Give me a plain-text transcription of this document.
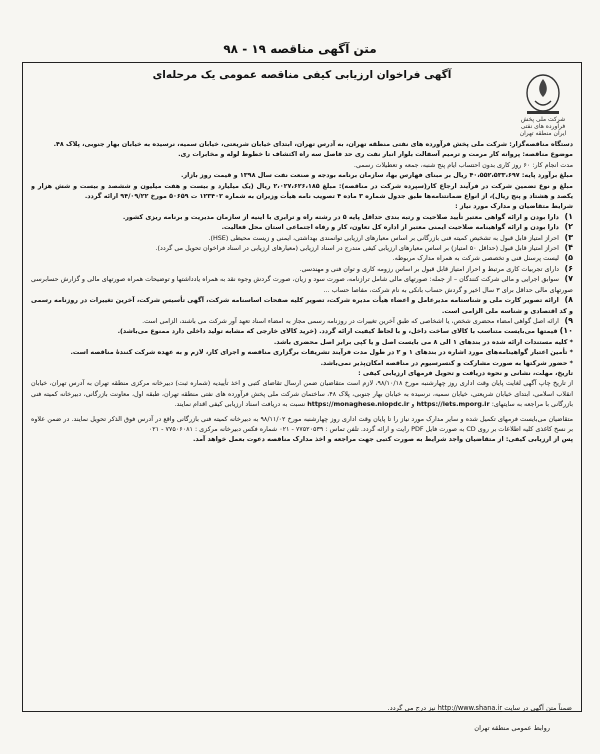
متن آگهی مناقصه ۱۹ - ۹۸
آگهی فراخوان ارزیابی کیفی مناقصه عمومی یک مرحله‌ای
شرکت ملی پخش فرآورده های نفتی ایران منطقه تهران

دستگاه مناقصه‌گزار: شرکت ملی پخش فرآورده های نفتی منطقه تهران، به آدرس تهران، ابتدای خیابان شریعتی، خیابان سمیه، نرسیده به خیابان بهار جنوبی، پلاک ۴۸.

موضوع مناقصه: پروانه کار مرمت و ترمیم آسفالت بلوار انبار نفت ری حد فاصل سه راه اکتشاف تا خطوط لوله و مخابرات ری.

مدت انجام کار: ۶۰ روز کاری بدون احتساب ایام پنج شنبه، جمعه و تعطیلات رسمی.

مبلغ برآورد پایه: ۴۰،۵۵۲،۵۳۳،۶۹۷ ریال بر مبنای فهارس بها، سازمان برنامه بودجه و صنعت نفت سال ۱۳۹۸ و قیمت روز بازار.

مبلغ و نوع تضمین شرکت در فرآیند ارجاع کار(سپرده شرکت در مناقصه): مبلغ ۲،۰۲۷،۶۲۶،۱۸۵ ریال (یک میلیارد و بیست و هفت میلیون و ششصد و بیست و شش هزار و یکصد و هشتاد و پنج ریال)، از انواع ضمانتنامه‌ها طبق جدول شماره ۳ ماده ۴ تصویب نامه هیأت وزیران به شماره ۱۲۳۴۰۲ ت ۵۰۶۵۹ مورخ ۹۴/۰۹/۲۲ ارائه گردد.

شرایط متقاضیان و مدارک مورد نیاز :

۱) دارا بودن و ارائه گواهی معتبر تأیید صلاحیت و رتبه بندی حداقل پایه ۵ در رشته راه و ترابری با اینیه از سازمان مدیریت و برنامه ریزی کشور.

۲) دارا بودن و ارائه گواهینامه صلاحیت ایمنی معتبر از اداره کل تعاون، کار و رفاه اجتماعی استان محل فعالیت.

۳) احراز امتیاز قابل قبول به تشخیص کمیته فنی بازرگانی بر اساس معیارهای ارزیابی توانمندی بهداشتی، ایمنی و زیست محیطی (HSE).

۴) احراز امتیاز قابل قبول (حداقل ۵۰ امتیاز) بر اساس معیارهای ارزیابی کیفی مندرج در اسناد ارزیابی (معیارهای ارزیابی در اسناد فراخوان تحویل می گردد).

۵) لیست پرسنل فنی و تخصصی شرکت به همراه مدارک مربوطه.

۶) دارای تجربیات کاری مرتبط و احراز امتیاز قابل قبول بر اساس رزومه کاری و توان فنی و مهندسی.

۷) سوابق اجرایی و مالی شرکت کنندگان – از جمله: صورتهای مالی شامل ترازنامه، صورت سود و زیان، صورت گردش وجوه نقد به همراه یادداشتها و توضیحات همراه صورتهای مالی و گزارش حسابرسی صورتهای مالی حداقل برای ۳ سال اخیر و گردش حساب بانکی به نام شرکت، مفاصا حساب ...

۸) ارائه تصویر کارت ملی و شناسنامه مدیرعامل و اعضاء هیأت مدیره شرکت، تصویر کلیه صفحات اساسنامه شرکت، آگهی تأسیس شرکت، آخرین تغییرات در روزنامه رسمی و کد اقتصادی و شناسه ملی الزامی است.

۹) ارائه اصل گواهی امضاء محضری شخص، یا اشخاصی که طبق آخرین تغییرات در روزنامه رسمی مجاز به امضاء اسناد تعهد آور شرکت می باشند، الزامی است.

۱۰) قیمتها می‌بایست متناسب با کالای ساخت داخل، و با لحاظ کیفیت ارائه گردد. (خرید کالای خارجی که مشابه تولید داخلی دارد ممنوع می‌باشد).

* کلیه مستندات ارائه شده در بندهای ۱ الی ۸ می بایست اصل و یا کپی برابر اصل محضری باشد.

* تأمین اعتبار گواهینامه‌های مورد اشاره در بندهای ۱ و ۲ در طول مدت فرآیند تشریفات برگزاری مناقصه و اجرای کار، لازم و به عهده شرکت کنندهٔ مناقصه است.

* حضور شرکتها به صورت مشارکت و کنسرسیوم در مناقصه امکان‌پذیر نمی‌باشد.

تاریخ، مهلت، نشانی و نحوه دریافت و تحویل فرمهای ارزیابی کیفی :

از تاریخ چاپ آگهی لغایت پایان وقت اداری روز چهارشنبه مورخ ۹۸/۱۰/۱۸، لازم است متقاضیان ضمن ارسال تقاضای کتبی و اخذ تأییدیه (شماره ثبت) دبیرخانه مرکزی منطقه تهران به آدرس تهران، خیابان انقلاب اسلامی، ابتدای خیابان شریعتی، خیابان سمیه، نرسیده به خیابان بهار جنوبی، پلاک ۴۸، ساختمان شرکت ملی پخش فرآورده های نفتی منطقه تهران، طبقه اول، معاونت بازرگانی، دبیرخانه کمیته فنی بازرگانی با مراجعه به سایتهای: https://iets.mporg.ir و https://monaghese.niopdc.ir نسبت به دریافت اسناد ارزیابی کیفی اقدام نمایند.

متقاضیان می‌بایست فرمهای تکمیل شده و سایر مدارک مورد نیاز را تا پایان وقت اداری روز چهارشنبه مورخ ۹۸/۱۱/۰۲ به دبیرخانه کمیته فنی بازرگانی واقع در آدرس فوق الذکر تحویل نمایند. در ضمن علاوه بر نسخ کاغذی کلیه اطلاعات بر روی CD به صورت فایل PDF رایت و ارائه گردد. تلفن تماس : ۷۷۵۲۰۵۳۹ - ۰۲۱ شماره فکس دبیرخانه مرکزی : ۷۷۵۰۶۰۸۱ - ۰۲۱

پس از ارزیابی کیفی: از متقاضیان واجد شرایط به صورت کتبی جهت مراجعه و اخذ مدارک مناقصه دعوت بعمل خواهد آمد.

ضمناً متن آگهی در سایت http://www.shana.ir نیز درج می گردد.
روابط عمومی منطقه تهران
